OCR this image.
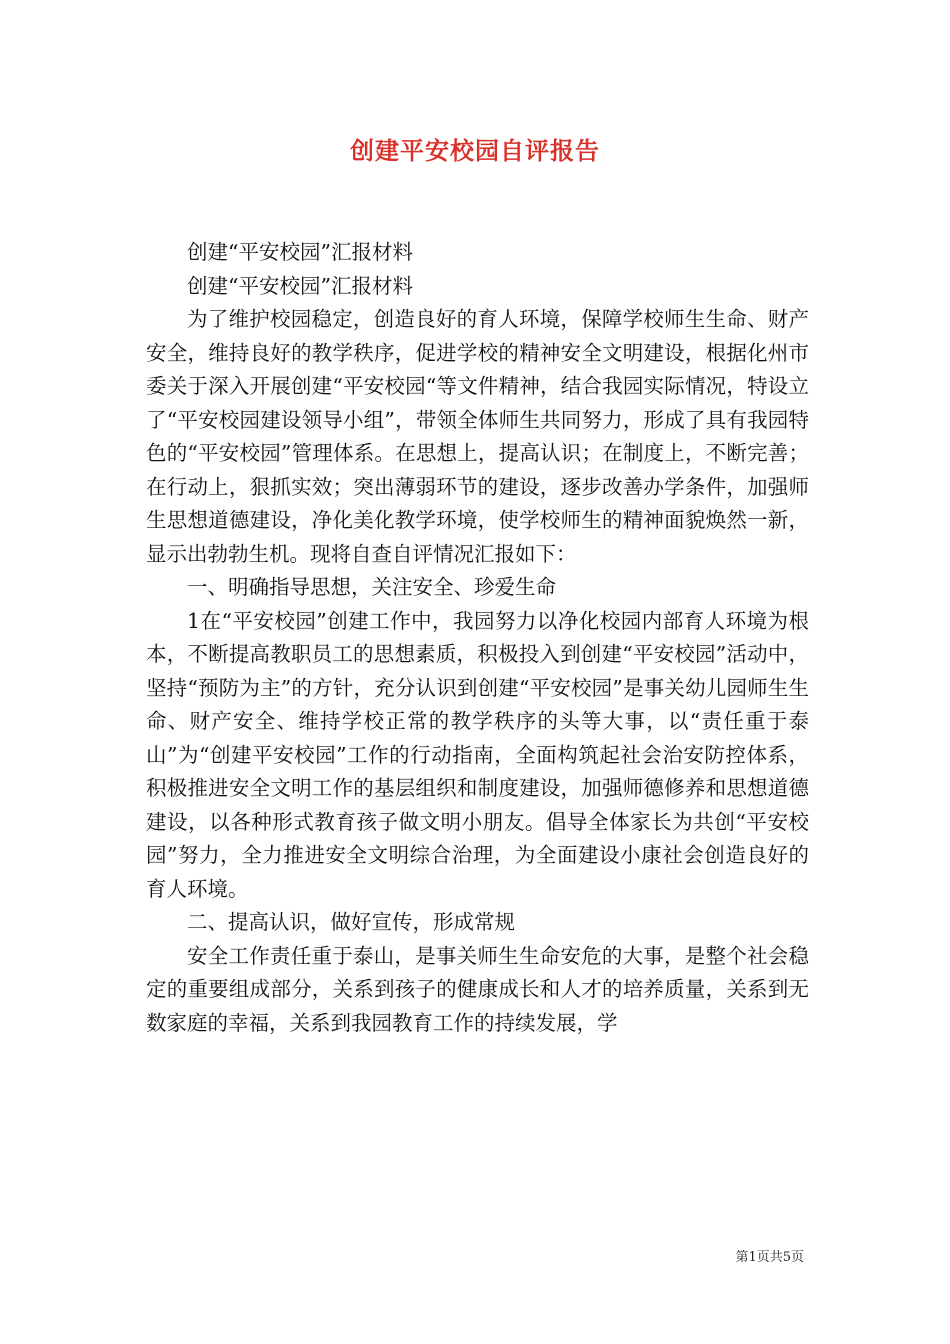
创建平安校园自评报告

创建“平安校园”汇报材料

创建“平安校园”汇报材料

为了维护校园稳定，创造良好的育人环境，保障学校师生生命、财产安全，维持良好的教学秩序，促进学校的精神安全文明建设，根据化州市委关于深入开展创建“平安校园“等文件精神，结合我园实际情况，特设立了“平安校园建设领导小组”，带领全体师生共同努力，形成了具有我园特色的“平安校园”管理体系。在思想上，提高认识；在制度上，不断完善；在行动上，狠抓实效；突出薄弱环节的建设，逐步改善办学条件，加强师生思想道德建设，净化美化教学环境，使学校师生的精神面貌焕然一新，显示出勃勃生机。现将自查自评情况汇报如下：

一、明确指导思想，关注安全、珍爱生命

1在“平安校园”创建工作中，我园努力以净化校园内部育人环境为根本，不断提高教职员工的思想素质，积极投入到创建“平安校园”活动中，坚持“预防为主”的方针，充分认识到创建“平安校园”是事关幼儿园师生生命、财产安全、维持学校正常的教学秩序的头等大事，以“责任重于泰山”为“创建平安校园”工作的行动指南，全面构筑起社会治安防控体系，积极推进安全文明工作的基层组织和制度建设，加强师德修养和思想道德建设，以各种形式教育孩子做文明小朋友。倡导全体家长为共创“平安校园”努力，全力推进安全文明综合治理，为全面建设小康社会创造良好的育人环境。

二、提高认识，做好宣传，形成常规

安全工作责任重于泰山，是事关师生生命安危的大事，是整个社会稳定的重要组成部分，关系到孩子的健康成长和人才的培养质量，关系到无数家庭的幸福，关系到我园教育工作的持续发展，学

第1页共5页
